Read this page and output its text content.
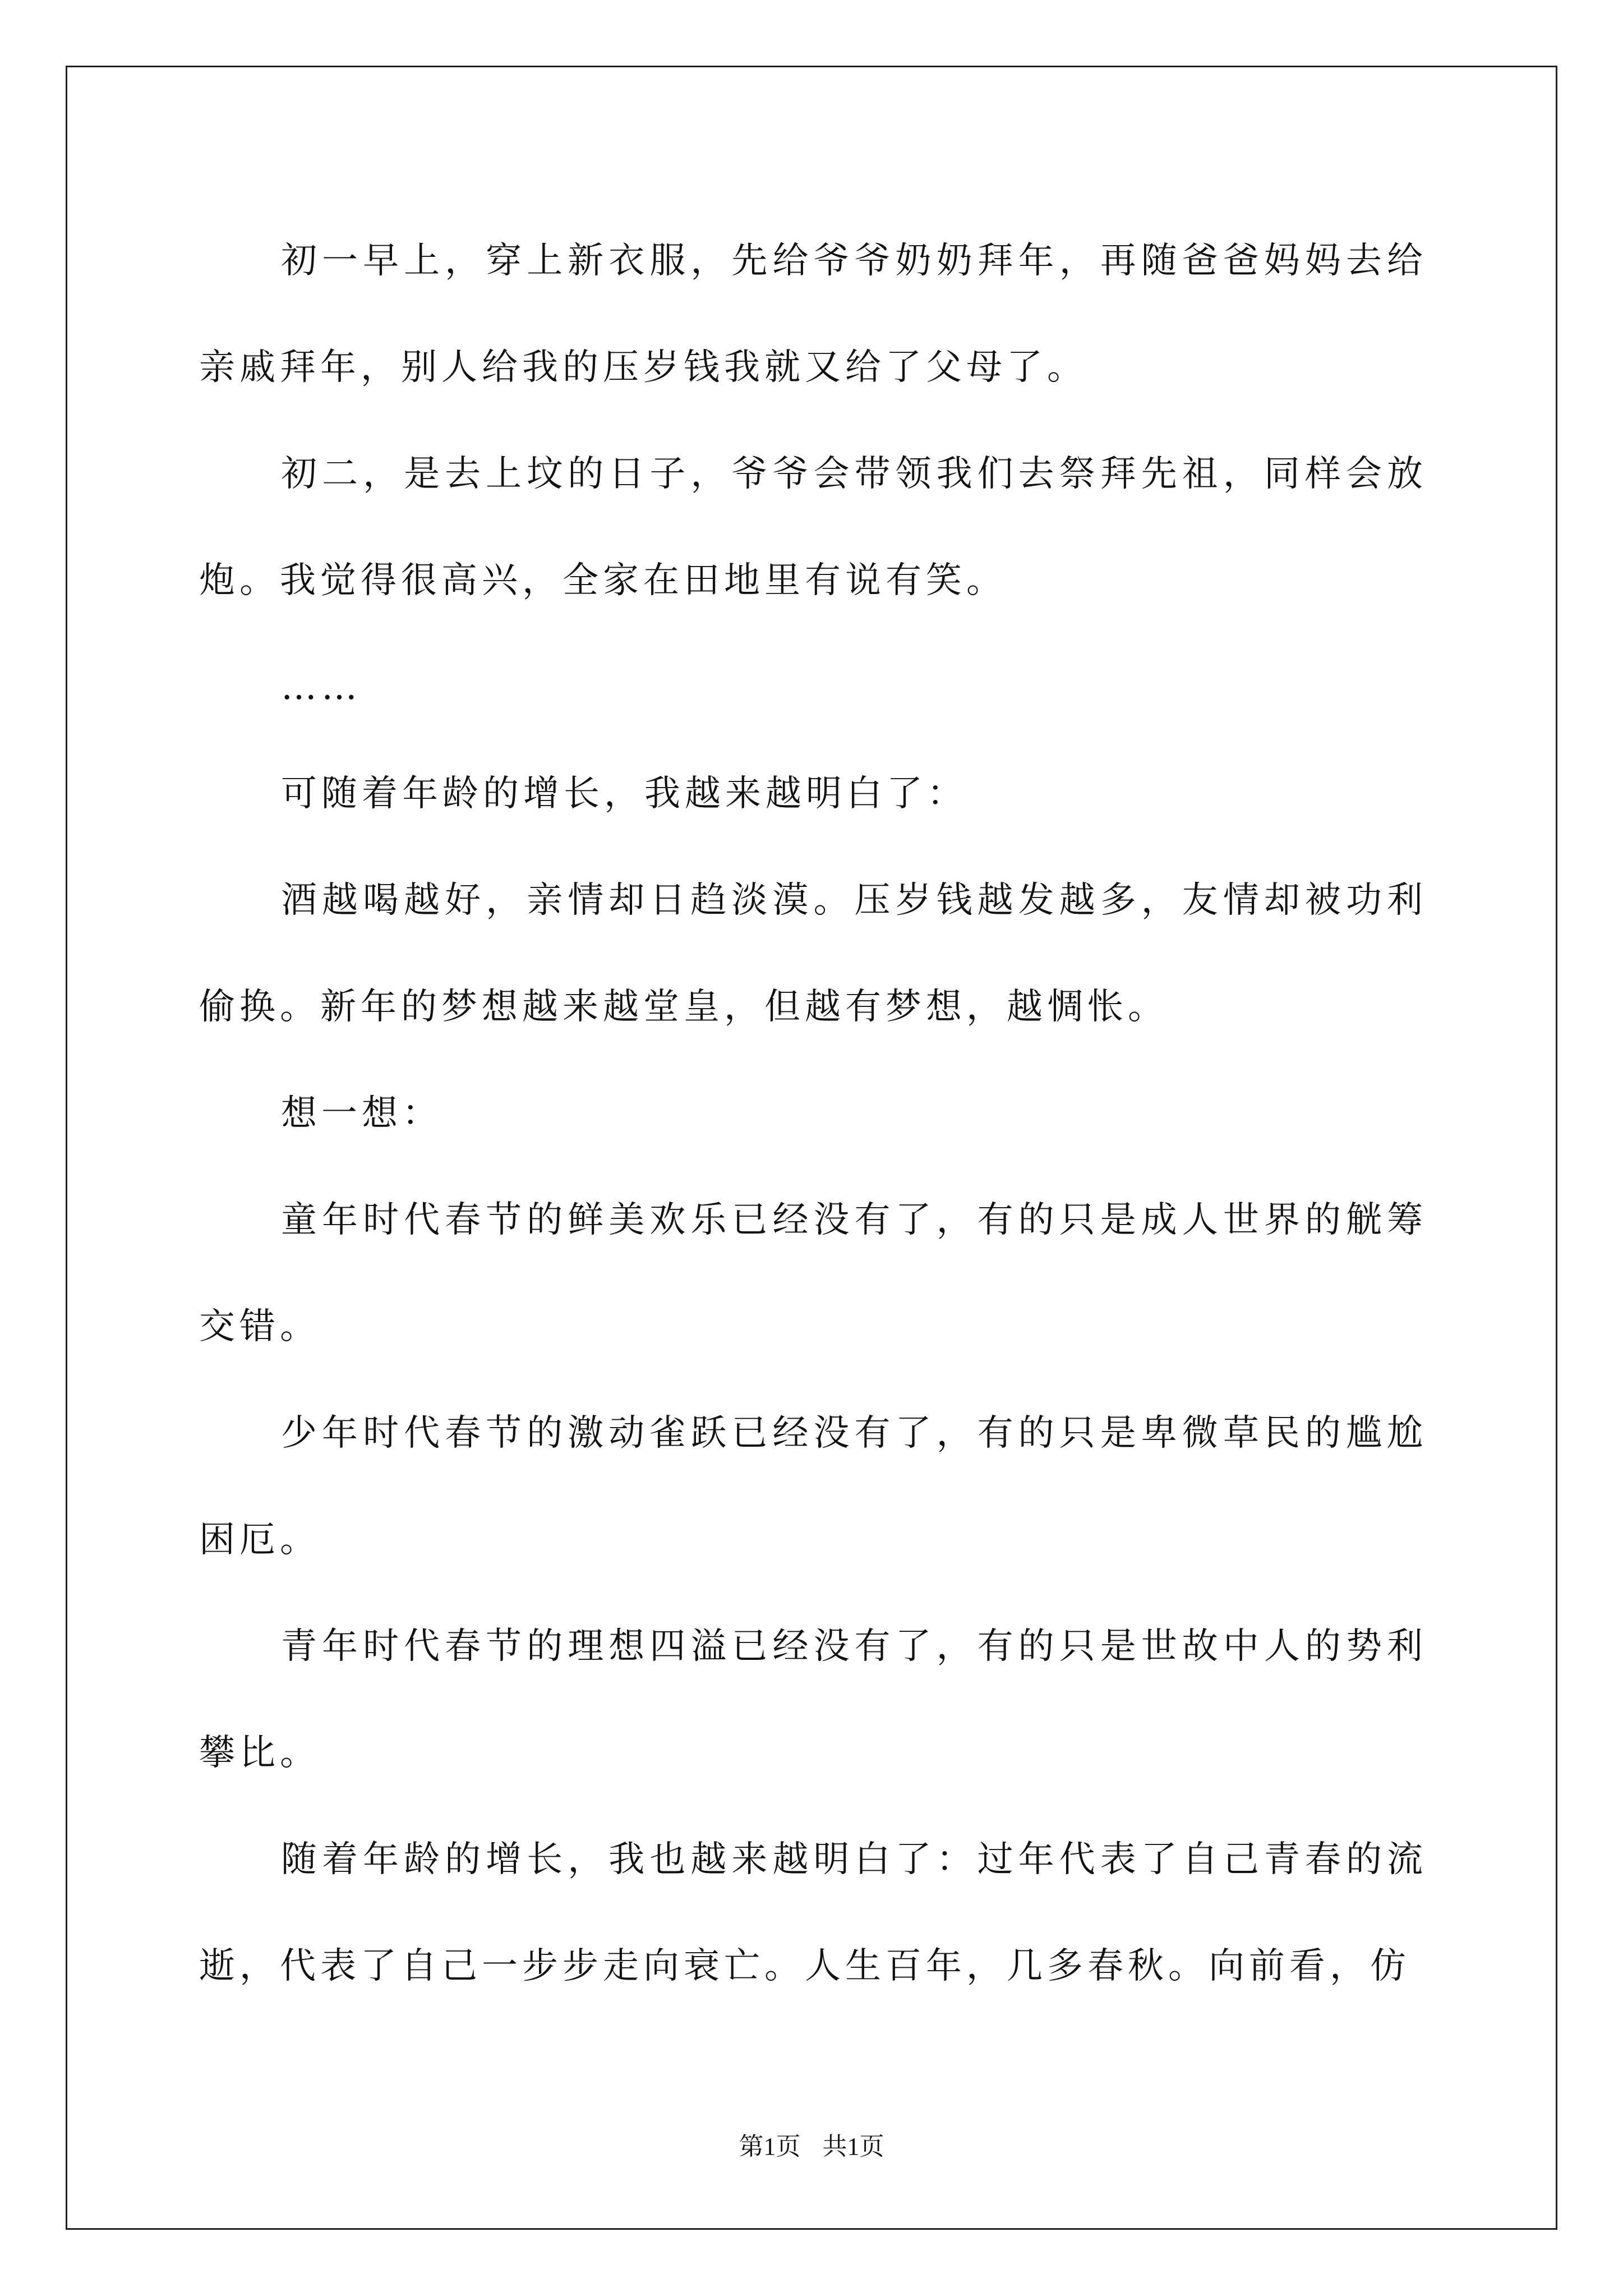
初一早上，穿上新衣服，先给爷爷奶奶拜年，再随爸爸妈妈去给亲戚拜年，别人给我的压岁钱我就又给了父母了。

初二，是去上坟的日子，爷爷会带领我们去祭拜先祖，同样会放炮。我觉得很高兴，全家在田地里有说有笑。

……

可随着年龄的增长，我越来越明白了：

酒越喝越好，亲情却日趋淡漠。压岁钱越发越多，友情却被功利偷换。新年的梦想越来越堂皇，但越有梦想，越惆怅。

想一想：

童年时代春节的鲜美欢乐已经没有了，有的只是成人世界的觥筹交错。

少年时代春节的激动雀跃已经没有了，有的只是卑微草民的尴尬困厄。

青年时代春节的理想四溢已经没有了，有的只是世故中人的势利攀比。

随着年龄的增长，我也越来越明白了：过年代表了自己青春的流逝，代表了自己一步步走向衰亡。人生百年，几多春秋。向前看，仿

第1页 共1页
